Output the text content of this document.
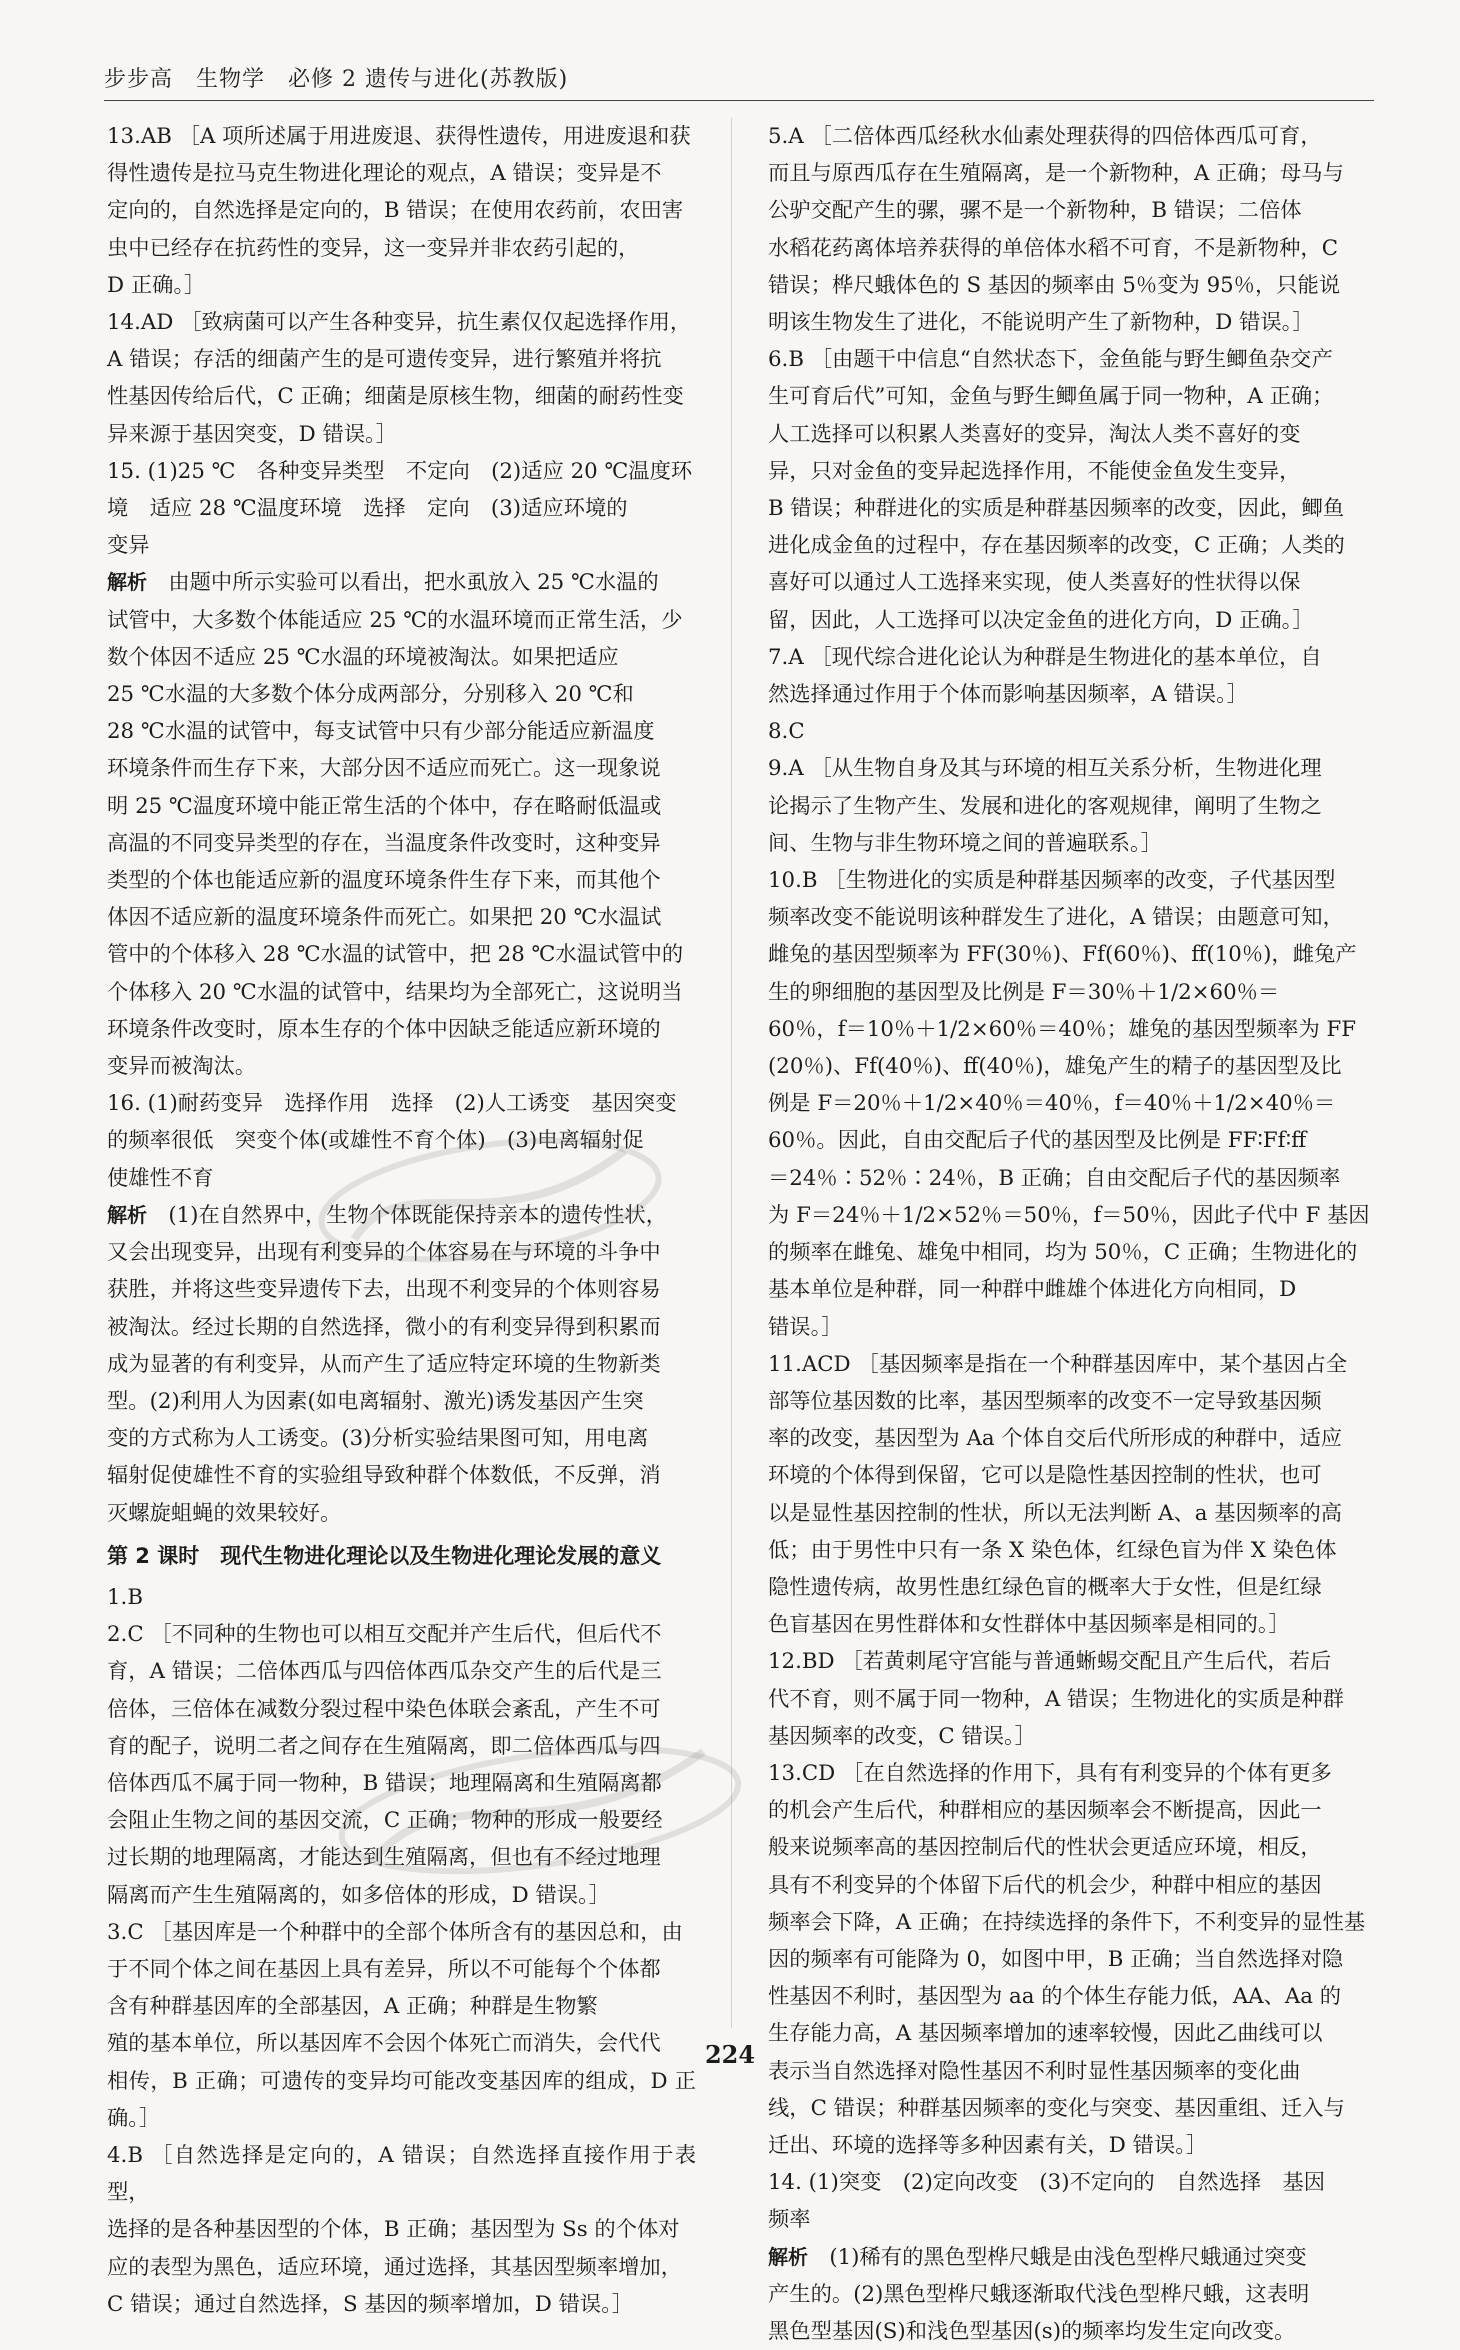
步步高　生物学　必修 2 遗传与进化(苏教版)
13.AB ［A 项所述属于用进废退、获得性遗传，用进废退和获
得性遗传是拉马克生物进化理论的观点，A 错误；变异是不
定向的，自然选择是定向的，B 错误；在使用农药前，农田害
虫中已经存在抗药性的变异，这一变异并非农药引起的，
D 正确。］
14.AD ［致病菌可以产生各种变异，抗生素仅仅起选择作用，
A 错误；存活的细菌产生的是可遗传变异，进行繁殖并将抗
性基因传给后代，C 正确；细菌是原核生物，细菌的耐药性变
异来源于基因突变，D 错误。］
15. (1)25 ℃　各种变异类型　不定向　(2)适应 20 ℃温度环
境　适应 28 ℃温度环境　选择　定向　(3)适应环境的
变异
解析　 由题中所示实验可以看出，把水虱放入 25 ℃水温的
试管中，大多数个体能适应 25 ℃的水温环境而正常生活，少
数个体因不适应 25 ℃水温的环境被淘汰。如果把适应
25 ℃水温的大多数个体分成两部分，分别移入 20 ℃和
28 ℃水温的试管中，每支试管中只有少部分能适应新温度
环境条件而生存下来，大部分因不适应而死亡。这一现象说
明 25 ℃温度环境中能正常生活的个体中，存在略耐低温或
高温的不同变异类型的存在，当温度条件改变时，这种变异
类型的个体也能适应新的温度环境条件生存下来，而其他个
体因不适应新的温度环境条件而死亡。如果把 20 ℃水温试
管中的个体移入 28 ℃水温的试管中，把 28 ℃水温试管中的
个体移入 20 ℃水温的试管中，结果均为全部死亡，这说明当
环境条件改变时，原本生存的个体中因缺乏能适应新环境的
变异而被淘汰。
16. (1)耐药变异　选择作用　选择　(2)人工诱变　基因突变
的频率很低　突变个体(或雄性不育个体)　(3)电离辐射促
使雄性不育
解析　 (1)在自然界中，生物个体既能保持亲本的遗传性状，
又会出现变异，出现有利变异的个体容易在与环境的斗争中
获胜，并将这些变异遗传下去，出现不利变异的个体则容易
被淘汰。经过长期的自然选择，微小的有利变异得到积累而
成为显著的有利变异，从而产生了适应特定环境的生物新类
型。(2)利用人为因素(如电离辐射、激光)诱发基因产生突
变的方式称为人工诱变。(3)分析实验结果图可知，用电离
辐射促使雄性不育的实验组导致种群个体数低，不反弹，消
灭螺旋蛆蝇的效果较好。
第 2 课时　现代生物进化理论以及生物进化理论发展的意义
1.B
2.C ［不同种的生物也可以相互交配并产生后代，但后代不
育，A 错误；二倍体西瓜与四倍体西瓜杂交产生的后代是三
倍体，三倍体在减数分裂过程中染色体联会紊乱，产生不可
育的配子，说明二者之间存在生殖隔离，即二倍体西瓜与四
倍体西瓜不属于同一物种，B 错误；地理隔离和生殖隔离都
会阻止生物之间的基因交流，C 正确；物种的形成一般要经
过长期的地理隔离，才能达到生殖隔离，但也有不经过地理
隔离而产生生殖隔离的，如多倍体的形成，D 错误。］
3.C ［基因库是一个种群中的全部个体所含有的基因总和，由
于不同个体之间在基因上具有差异，所以不可能每个个体都
含有种群基因库的全部基因，A 正确；种群是生物繁
殖的基本单位，所以基因库不会因个体死亡而消失，会代代
相传，B 正确；可遗传的变异均可能改变基因库的组成，D 正确。］
4.B ［自然选择是定向的，A 错误；自然选择直接作用于表型，
选择的是各种基因型的个体，B 正确；基因型为 Ss 的个体对
应的表型为黑色，适应环境，通过选择，其基因型频率增加，
C 错误；通过自然选择，S 基因的频率增加，D 错误。］
5.A ［二倍体西瓜经秋水仙素处理获得的四倍体西瓜可育，
而且与原西瓜存在生殖隔离，是一个新物种，A 正确；母马与
公驴交配产生的骡，骡不是一个新物种，B 错误；二倍体
水稻花药离体培养获得的单倍体水稻不可育，不是新物种，C
错误；桦尺蛾体色的 S 基因的频率由 5％变为 95％，只能说
明该生物发生了进化，不能说明产生了新物种，D 错误。］
6.B ［由题干中信息“自然状态下，金鱼能与野生鲫鱼杂交产
生可育后代”可知，金鱼与野生鲫鱼属于同一物种，A 正确；
人工选择可以积累人类喜好的变异，淘汰人类不喜好的变
异，只对金鱼的变异起选择作用，不能使金鱼发生变异，
B 错误；种群进化的实质是种群基因频率的改变，因此，鲫鱼
进化成金鱼的过程中，存在基因频率的改变，C 正确；人类的
喜好可以通过人工选择来实现，使人类喜好的性状得以保
留，因此，人工选择可以决定金鱼的进化方向，D 正确。］
7.A ［现代综合进化论认为种群是生物进化的基本单位，自
然选择通过作用于个体而影响基因频率，A 错误。］
8.C
9.A ［从生物自身及其与环境的相互关系分析，生物进化理
论揭示了生物产生、发展和进化的客观规律，阐明了生物之
间、生物与非生物环境之间的普遍联系。］
10.B ［生物进化的实质是种群基因频率的改变，子代基因型
频率改变不能说明该种群发生了进化，A 错误；由题意可知，
雌兔的基因型频率为 FF(30％)、Ff(60％)、ff(10％)，雌兔产
生的卵细胞的基因型及比例是 F＝30％＋1/2×60％＝
60％，f＝10％＋1/2×60％＝40％；雄兔的基因型频率为 FF
(20％)、Ff(40％)、ff(40％)，雄兔产生的精子的基因型及比
例是 F＝20％＋1/2×40％＝40％，f＝40％＋1/2×40％＝
60％。因此，自由交配后子代的基因型及比例是 FF∶Ff∶ff
＝24％∶52％∶24％，B 正确；自由交配后子代的基因频率
为 F＝24％＋1/2×52％＝50％，f＝50％，因此子代中 F 基因
的频率在雌兔、雄兔中相同，均为 50％，C 正确；生物进化的
基本单位是种群，同一种群中雌雄个体进化方向相同，D
错误。］
11.ACD ［基因频率是指在一个种群基因库中，某个基因占全
部等位基因数的比率，基因型频率的改变不一定导致基因频
率的改变，基因型为 Aa 个体自交后代所形成的种群中，适应
环境的个体得到保留，它可以是隐性基因控制的性状，也可
以是显性基因控制的性状，所以无法判断 A、a 基因频率的高
低；由于男性中只有一条 X 染色体，红绿色盲为伴 X 染色体
隐性遗传病，故男性患红绿色盲的概率大于女性，但是红绿
色盲基因在男性群体和女性群体中基因频率是相同的。］
12.BD ［若黄刺尾守宫能与普通蜥蜴交配且产生后代，若后
代不育，则不属于同一物种，A 错误；生物进化的实质是种群
基因频率的改变，C 错误。］
13.CD ［在自然选择的作用下，具有有利变异的个体有更多
的机会产生后代，种群相应的基因频率会不断提高，因此一
般来说频率高的基因控制后代的性状会更适应环境，相反，
具有不利变异的个体留下后代的机会少，种群中相应的基因
频率会下降，A 正确；在持续选择的条件下，不利变异的显性基
因的频率有可能降为 0，如图中甲，B 正确；当自然选择对隐
性基因不利时，基因型为 aa 的个体生存能力低，AA、Aa 的
生存能力高，A 基因频率增加的速率较慢，因此乙曲线可以
表示当自然选择对隐性基因不利时显性基因频率的变化曲
线，C 错误；种群基因频率的变化与突变、基因重组、迁入与
迁出、环境的选择等多种因素有关，D 错误。］
14. (1)突变　(2)定向改变　(3)不定向的　自然选择　基因
频率
解析　 (1)稀有的黑色型桦尺蛾是由浅色型桦尺蛾通过突变
产生的。(2)黑色型桦尺蛾逐渐取代浅色型桦尺蛾，这表明
黑色型基因(S)和浅色型基因(s)的频率均发生定向改变。
224
